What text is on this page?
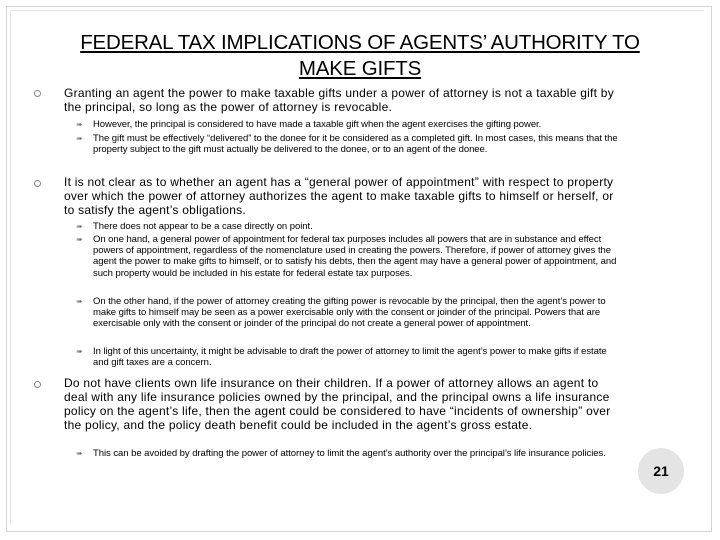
FEDERAL TAX IMPLICATIONS OF AGENTS’ AUTHORITY TO
MAKE GIFTS
Granting an agent the power to make taxable gifts under a power of attorney is not a taxable gift by the principal, so long as the power of attorney is revocable.
➠ However, the principal is considered to have made a taxable gift when the agent exercises the gifting power.
➠ The gift must be effectively “delivered” to the donee for it be considered as a completed gift. In most cases, this means that the property subject to the gift must actually be delivered to the donee, or to an agent of the donee.
It is not clear as to whether an agent has a “general power of appointment” with respect to property over which the power of attorney authorizes the agent to make taxable gifts to himself or herself, or to satisfy the agent’s obligations.
➠ There does not appear to be a case directly on point.
➠ On one hand, a general power of appointment for federal tax purposes includes all powers that are in substance and effect powers of appointment, regardless of the nomenclature used in creating the powers. Therefore, if power of attorney gives the agent the power to make gifts to himself, or to satisfy his debts, then the agent may have a general power of appointment, and such property would be included in his estate for federal estate tax purposes.
➠ On the other hand, if the power of attorney creating the gifting power is revocable by the principal, then the agent’s power to make gifts to himself may be seen as a power exercisable only with the consent or joinder of the principal. Powers that are exercisable only with the consent or joinder of the principal do not create a general power of appointment.
➠ In light of this uncertainty, it might be advisable to draft the power of attorney to limit the agent’s power to make gifts if estate and gift taxes are a concern.
Do not have clients own life insurance on their children. If a power of attorney allows an agent to deal with any life insurance policies owned by the principal, and the principal owns a life insurance policy on the agent’s life, then the agent could be considered to have “incidents of ownership” over the policy, and the policy death benefit could be included in the agent’s gross estate.
➠ This can be avoided by drafting the power of attorney to limit the agent’s authority over the principal’s life insurance policies.
21
